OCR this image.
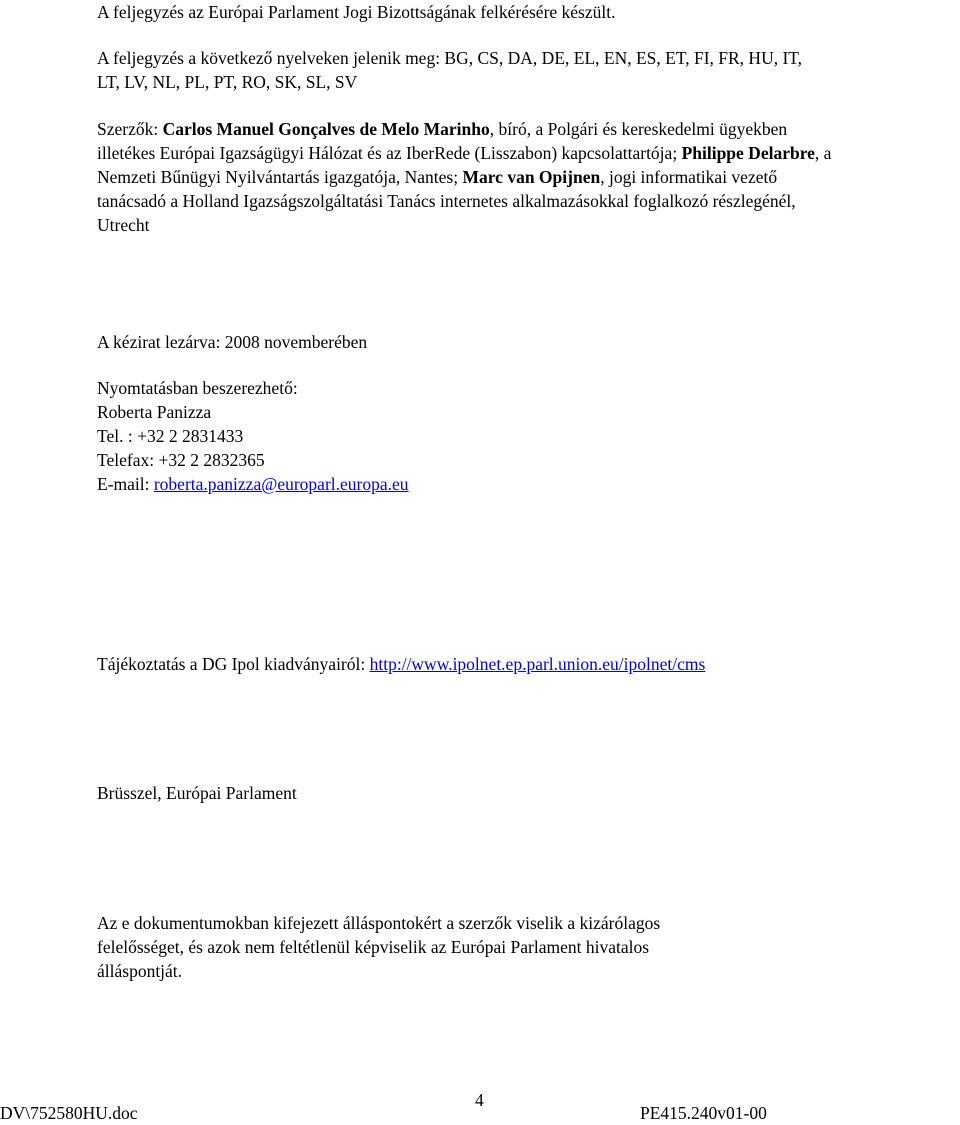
A feljegyzés az Európai Parlament Jogi Bizottságának felkérésére készült.
A feljegyzés a következő nyelveken jelenik meg: BG, CS, DA, DE, EL, EN, ES, ET, FI, FR, HU, IT,
LT, LV, NL, PL, PT, RO, SK, SL, SV
Szerzők: Carlos Manuel Gonçalves de Melo Marinho, bíró, a Polgári és kereskedelmi ügyekben
illetékes Európai Igazságügyi Hálózat és az IberRede (Lisszabon) kapcsolattartója; Philippe Delarbre, a
Nemzeti Bűnügyi Nyilvántartás igazgatója, Nantes; Marc van Opijnen, jogi informatikai vezető
tanácsadó a Holland Igazságszolgáltatási Tanács internetes alkalmazásokkal foglalkozó részlegénél,
Utrecht
A kézirat lezárva: 2008 novemberében
Nyomtatásban beszerezhető:
Roberta Panizza
Tel. : +32 2 2831433
Telefax: +32 2 2832365
E-mail: roberta.panizza@europarl.europa.eu
Tájékoztatás a DG Ipol kiadványairól: http://www.ipolnet.ep.parl.union.eu/ipolnet/cms
Brüsszel, Európai Parlament
Az e dokumentumokban kifejezett álláspontokért a szerzők viselik a kizárólagos
felelősséget, és azok nem feltétlenül képviselik az Európai Parlament hivatalos
álláspontját.
4
DV\752580HU.doc	PE415.240v01-00
